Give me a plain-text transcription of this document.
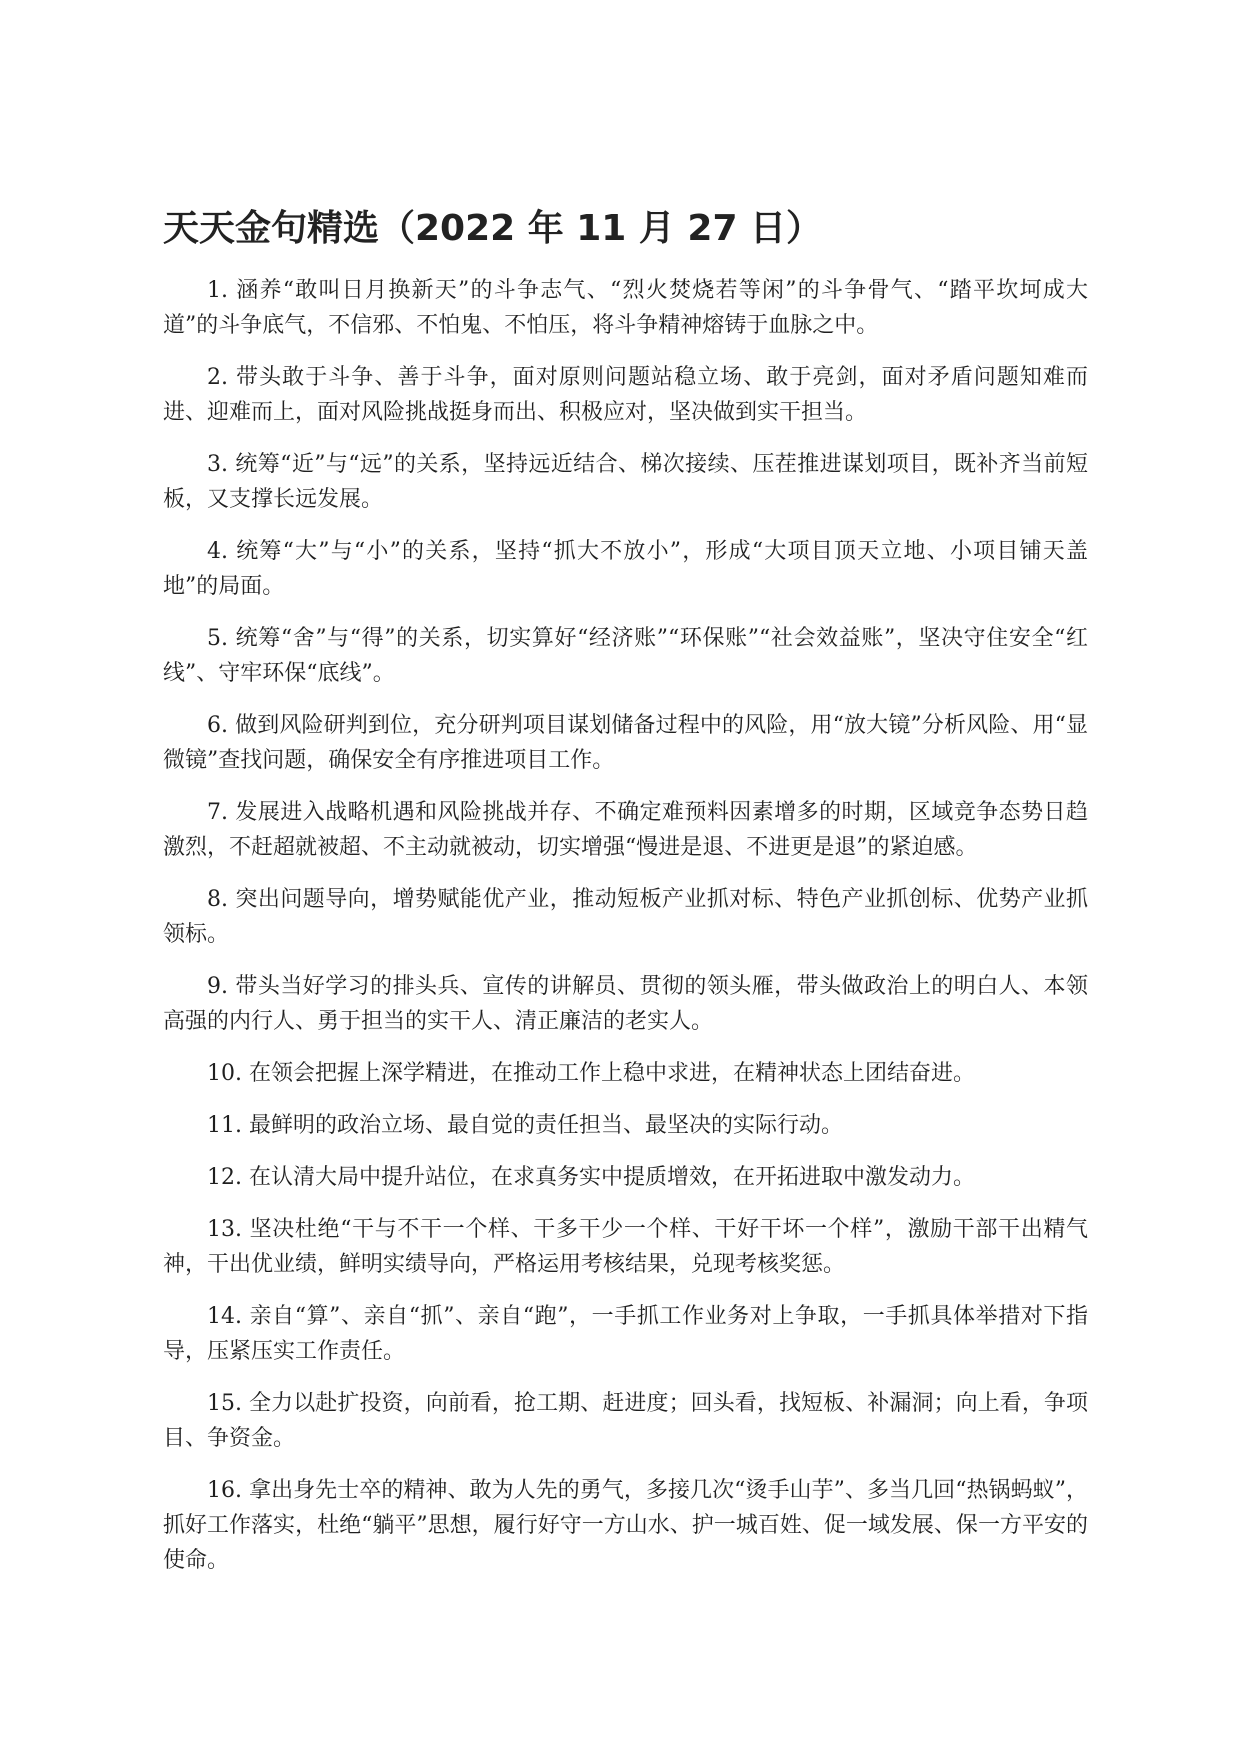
天天金句精选（2022 年 11 月 27 日）

1. 涵养“敢叫日月换新天”的斗争志气、“烈火焚烧若等闲”的斗争骨气、“踏平坎坷成大道”的斗争底气，不信邪、不怕鬼、不怕压，将斗争精神熔铸于血脉之中。

2. 带头敢于斗争、善于斗争，面对原则问题站稳立场、敢于亮剑，面对矛盾问题知难而进、迎难而上，面对风险挑战挺身而出、积极应对，坚决做到实干担当。

3. 统筹“近”与“远”的关系，坚持远近结合、梯次接续、压茬推进谋划项目，既补齐当前短板，又支撑长远发展。

4. 统筹“大”与“小”的关系，坚持“抓大不放小”，形成“大项目顶天立地、小项目铺天盖地”的局面。

5. 统筹“舍”与“得”的关系，切实算好“经济账”“环保账”“社会效益账”，坚决守住安全“红线”、守牢环保“底线”。

6. 做到风险研判到位，充分研判项目谋划储备过程中的风险，用“放大镜”分析风险、用“显微镜”查找问题，确保安全有序推进项目工作。

7. 发展进入战略机遇和风险挑战并存、不确定难预料因素增多的时期，区域竞争态势日趋激烈，不赶超就被超、不主动就被动，切实增强“慢进是退、不进更是退”的紧迫感。

8. 突出问题导向，增势赋能优产业，推动短板产业抓对标、特色产业抓创标、优势产业抓领标。

9. 带头当好学习的排头兵、宣传的讲解员、贯彻的领头雁，带头做政治上的明白人、本领高强的内行人、勇于担当的实干人、清正廉洁的老实人。

10. 在领会把握上深学精进，在推动工作上稳中求进，在精神状态上团结奋进。

11. 最鲜明的政治立场、最自觉的责任担当、最坚决的实际行动。

12. 在认清大局中提升站位，在求真务实中提质增效，在开拓进取中激发动力。

13. 坚决杜绝“干与不干一个样、干多干少一个样、干好干坏一个样”，激励干部干出精气神，干出优业绩，鲜明实绩导向，严格运用考核结果，兑现考核奖惩。

14. 亲自“算”、亲自“抓”、亲自“跑”，一手抓工作业务对上争取，一手抓具体举措对下指导，压紧压实工作责任。

15. 全力以赴扩投资，向前看，抢工期、赶进度；回头看，找短板、补漏洞；向上看，争项目、争资金。

16. 拿出身先士卒的精神、敢为人先的勇气，多接几次“烫手山芋”、多当几回“热锅蚂蚁”，抓好工作落实，杜绝“躺平”思想，履行好守一方山水、护一城百姓、促一域发展、保一方平安的使命。
